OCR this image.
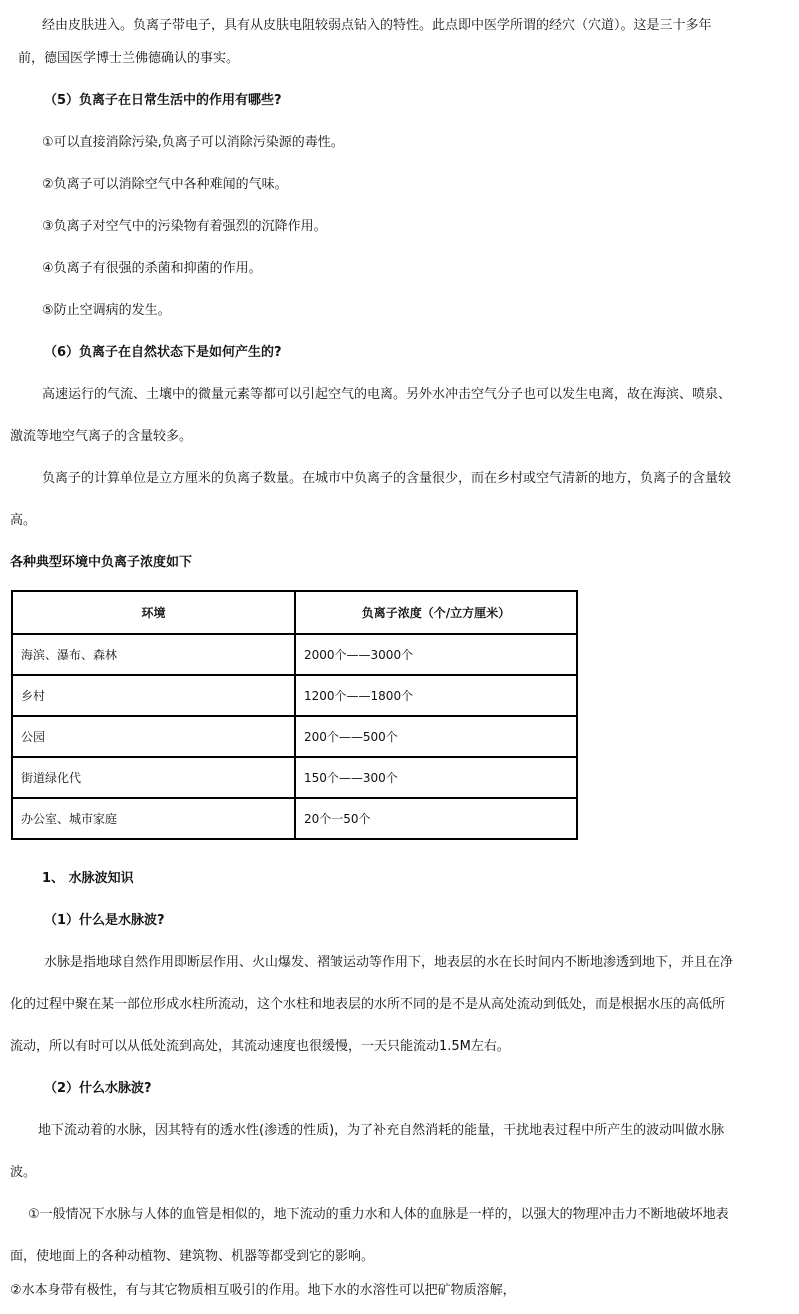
经由皮肤进入。负离子带电子，具有从皮肤电阻较弱点钻入的特性。此点即中医学所谓的经穴（穴道）。这是三十多年
前，德国医学博士兰佛德确认的事实。
（5）负离子在日常生活中的作用有哪些?
①可以直接消除污染,负离子可以消除污染源的毒性。
②负离子可以消除空气中各种难闻的气味。
③负离子对空气中的污染物有着强烈的沉降作用。
④负离子有很强的杀菌和抑菌的作用。
⑤防止空调病的发生。
（6）负离子在自然状态下是如何产生的?
高速运行的气流、土壤中的微量元素等都可以引起空气的电离。另外水冲击空气分子也可以发生电离，故在海滨、喷泉、
激流等地空气离子的含量较多。
负离子的计算单位是立方厘米的负离子数量。在城市中负离子的含量很少，而在乡村或空气清新的地方，负离子的含量较
高。
各种典型环境中负离子浓度如下
环境	负离子浓度（个/立方厘米）
海滨、瀑布、森林	2000个——3000个
乡村	1200个——1800个
公园	200个——500个
街道绿化代	150个——300个
办公室、城市家庭	20个一50个
1、 水脉波知识
（1）什么是水脉波?
水脉是指地球自然作用即断层作用、火山爆发、褶皱运动等作用下，地表层的水在长时间内不断地渗透到地下，并且在净
化的过程中聚在某一部位形成水柱所流动，这个水柱和地表层的水所不同的是不是从高处流动到低处，而是根据水压的高低所
流动，所以有时可以从低处流到高处，其流动速度也很缓慢，一天只能流动1.5M左右。
（2）什么水脉波?
地下流动着的水脉，因其特有的透水性(渗透的性质)，为了补充自然消耗的能量，干扰地表过程中所产生的波动叫做水脉
波。
①一般情况下水脉与人体的血管是相似的，地下流动的重力水和人体的血脉是一样的，以强大的物理冲击力不断地破坏地表
面，使地面上的各种动植物、建筑物、机器等都受到它的影响。
②水本身带有极性，有与其它物质相互吸引的作用。地下水的水溶性可以把矿物质溶解，
